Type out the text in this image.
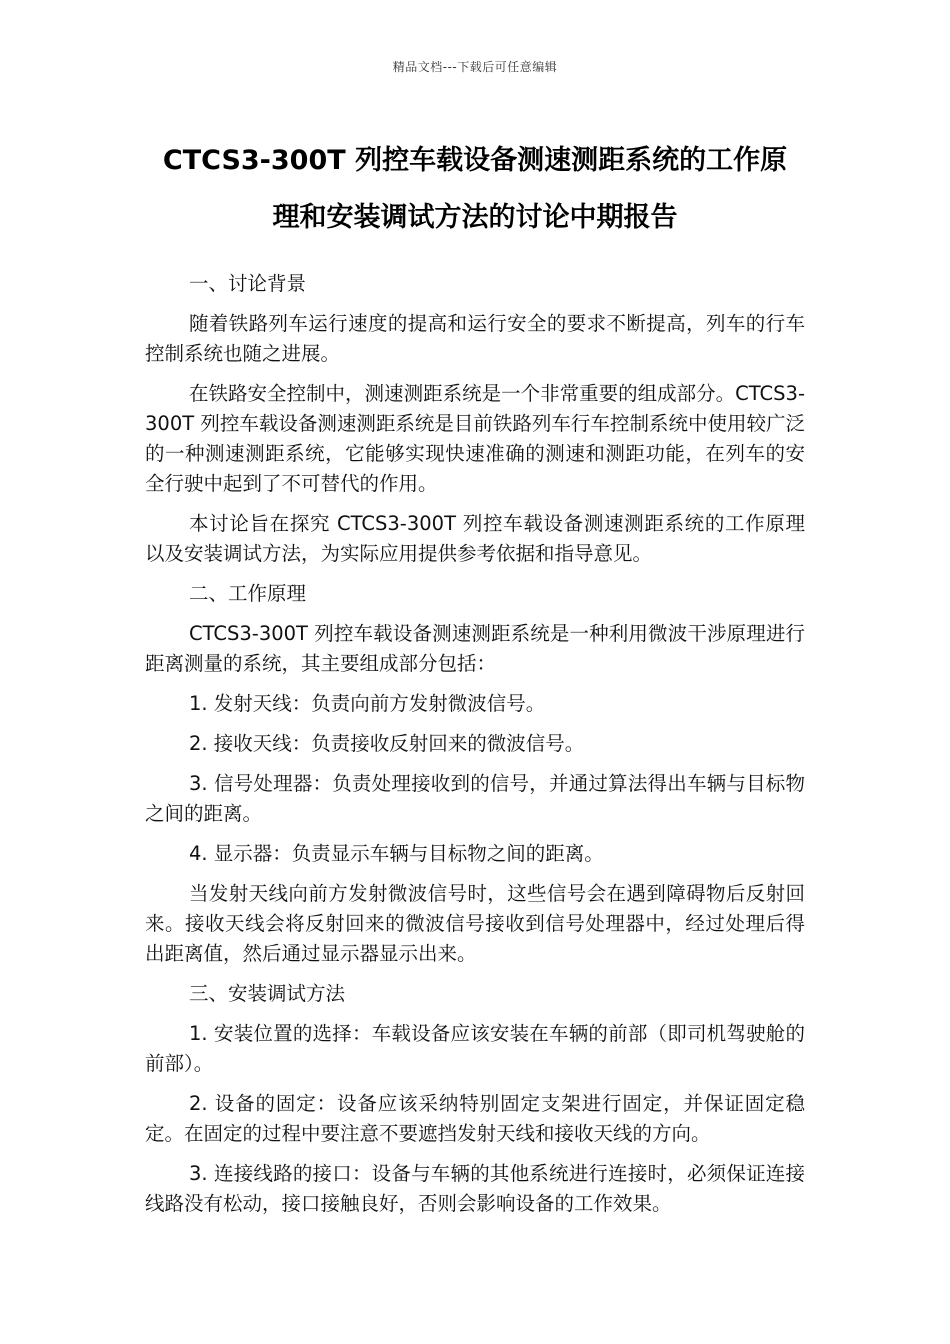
精品文档---下载后可任意编辑
CTCS3-300T 列控车载设备测速测距系统的工作原
理和安装调试方法的讨论中期报告

一、讨论背景

随着铁路列车运行速度的提高和运行安全的要求不断提高，列车的行车控制系统也随之进展。

在铁路安全控制中，测速测距系统是一个非常重要的组成部分。CTCS3-300T 列控车载设备测速测距系统是目前铁路列车行车控制系统中使用较广泛的一种测速测距系统，它能够实现快速准确的测速和测距功能，在列车的安全行驶中起到了不可替代的作用。

本讨论旨在探究 CTCS3-300T 列控车载设备测速测距系统的工作原理以及安装调试方法，为实际应用提供参考依据和指导意见。

二、工作原理

CTCS3-300T 列控车载设备测速测距系统是一种利用微波干涉原理进行距离测量的系统，其主要组成部分包括：

1. 发射天线：负责向前方发射微波信号。

2. 接收天线：负责接收反射回来的微波信号。

3. 信号处理器：负责处理接收到的信号，并通过算法得出车辆与目标物之间的距离。

4. 显示器：负责显示车辆与目标物之间的距离。

当发射天线向前方发射微波信号时，这些信号会在遇到障碍物后反射回来。接收天线会将反射回来的微波信号接收到信号处理器中，经过处理后得出距离值，然后通过显示器显示出来。

三、安装调试方法

1. 安装位置的选择：车载设备应该安装在车辆的前部（即司机驾驶舱的前部）。

2. 设备的固定：设备应该采纳特别固定支架进行固定，并保证固定稳定。在固定的过程中要注意不要遮挡发射天线和接收天线的方向。

3. 连接线路的接口：设备与车辆的其他系统进行连接时，必须保证连接线路没有松动，接口接触良好，否则会影响设备的工作效果。
